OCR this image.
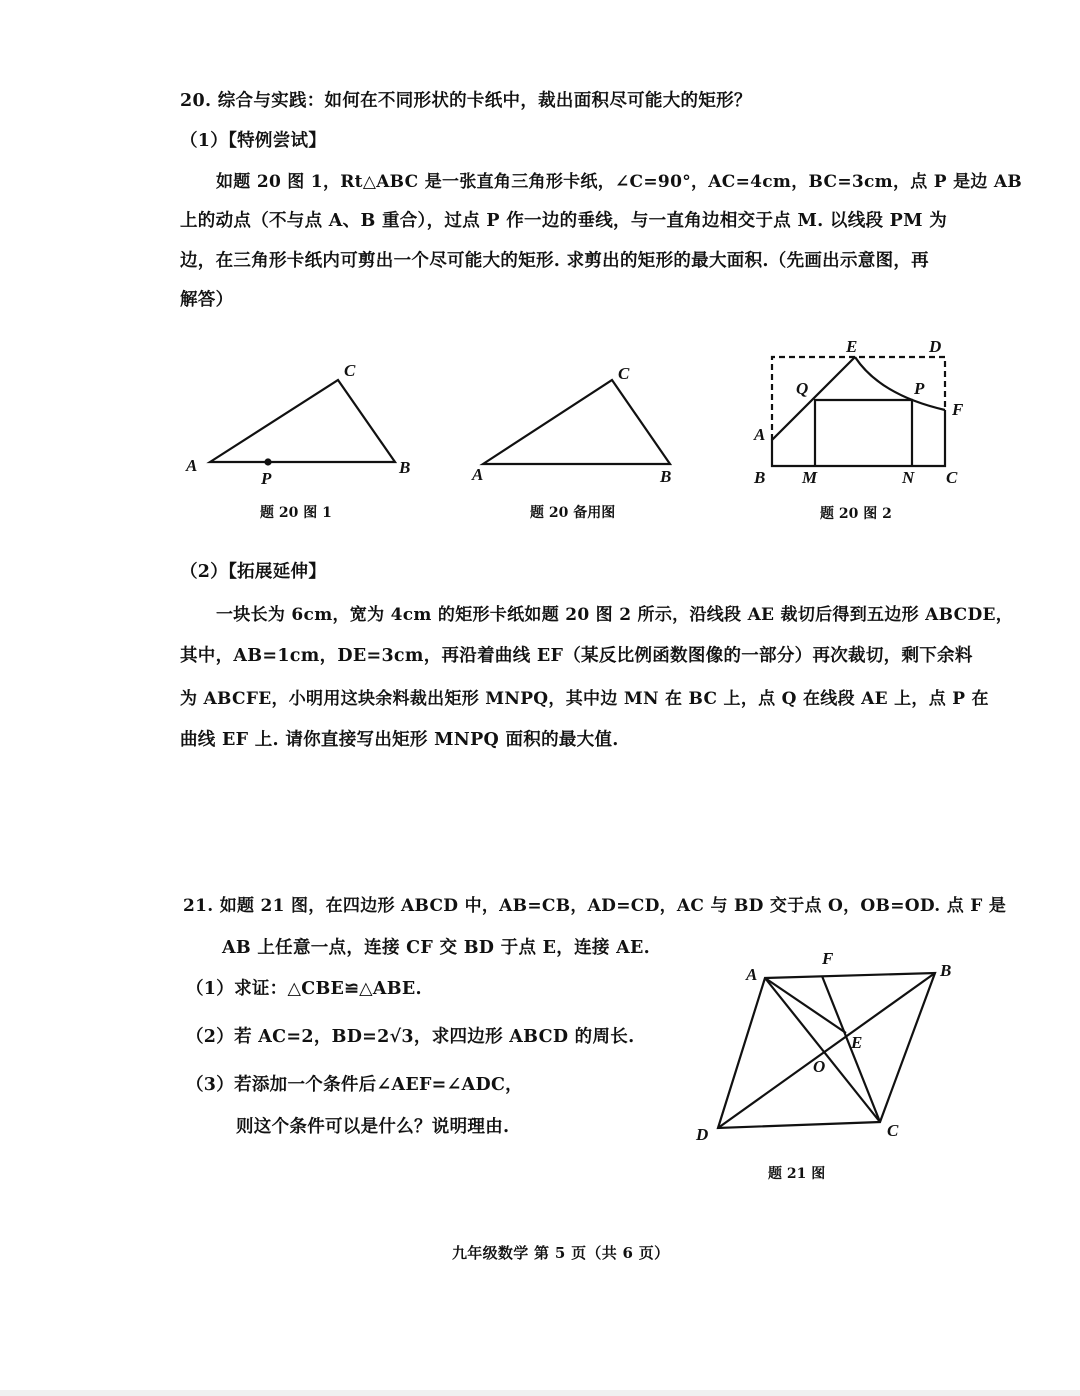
20. 综合与实践：如何在不同形状的卡纸中，裁出面积尽可能大的矩形？
（1）【特例尝试】
如题 20 图 1，Rt△ABC 是一张直角三角形卡纸，∠C=90°，AC=4cm，BC=3cm，点 P 是边 AB
上的动点（不与点 A、B 重合），过点 P 作一边的垂线，与一直角边相交于点 M. 以线段 PM 为
边，在三角形卡纸内可剪出一个尽可能大的矩形. 求剪出的矩形的最大面积.（先画出示意图，再
解答）
A
C
B
P	A
C
B
E	D
Q	P
F
A
B M	N C
A
F
B
E
O
D	C
题 20 图 1	题 20 备用图	题 20 图 2
（2）【拓展延伸】
一块长为 6cm，宽为 4cm 的矩形卡纸如题 20 图 2 所示，沿线段 AE 裁切后得到五边形 ABCDE，
其中，AB=1cm，DE=3cm，再沿着曲线 EF（某反比例函数图像的一部分）再次裁切，剩下余料
为 ABCFE，小明用这块余料裁出矩形 MNPQ，其中边 MN 在 BC 上，点 Q 在线段 AE 上，点 P 在
曲线 EF 上. 请你直接写出矩形 MNPQ 面积的最大值.
21. 如题 21 图，在四边形 ABCD 中，AB=CB，AD=CD，AC 与 BD 交于点 O，OB=OD. 点 F 是
AB 上任意一点，连接 CF 交 BD 于点 E，连接 AE.
（1）求证：△CBE≌△ABE.
（2）若 AC=2，BD=2√3，求四边形 ABCD 的周长.
（3）若添加一个条件后∠AEF=∠ADC，
则这个条件可以是什么？说明理由.
题 21 图
九年级数学 第 5 页（共 6 页）
